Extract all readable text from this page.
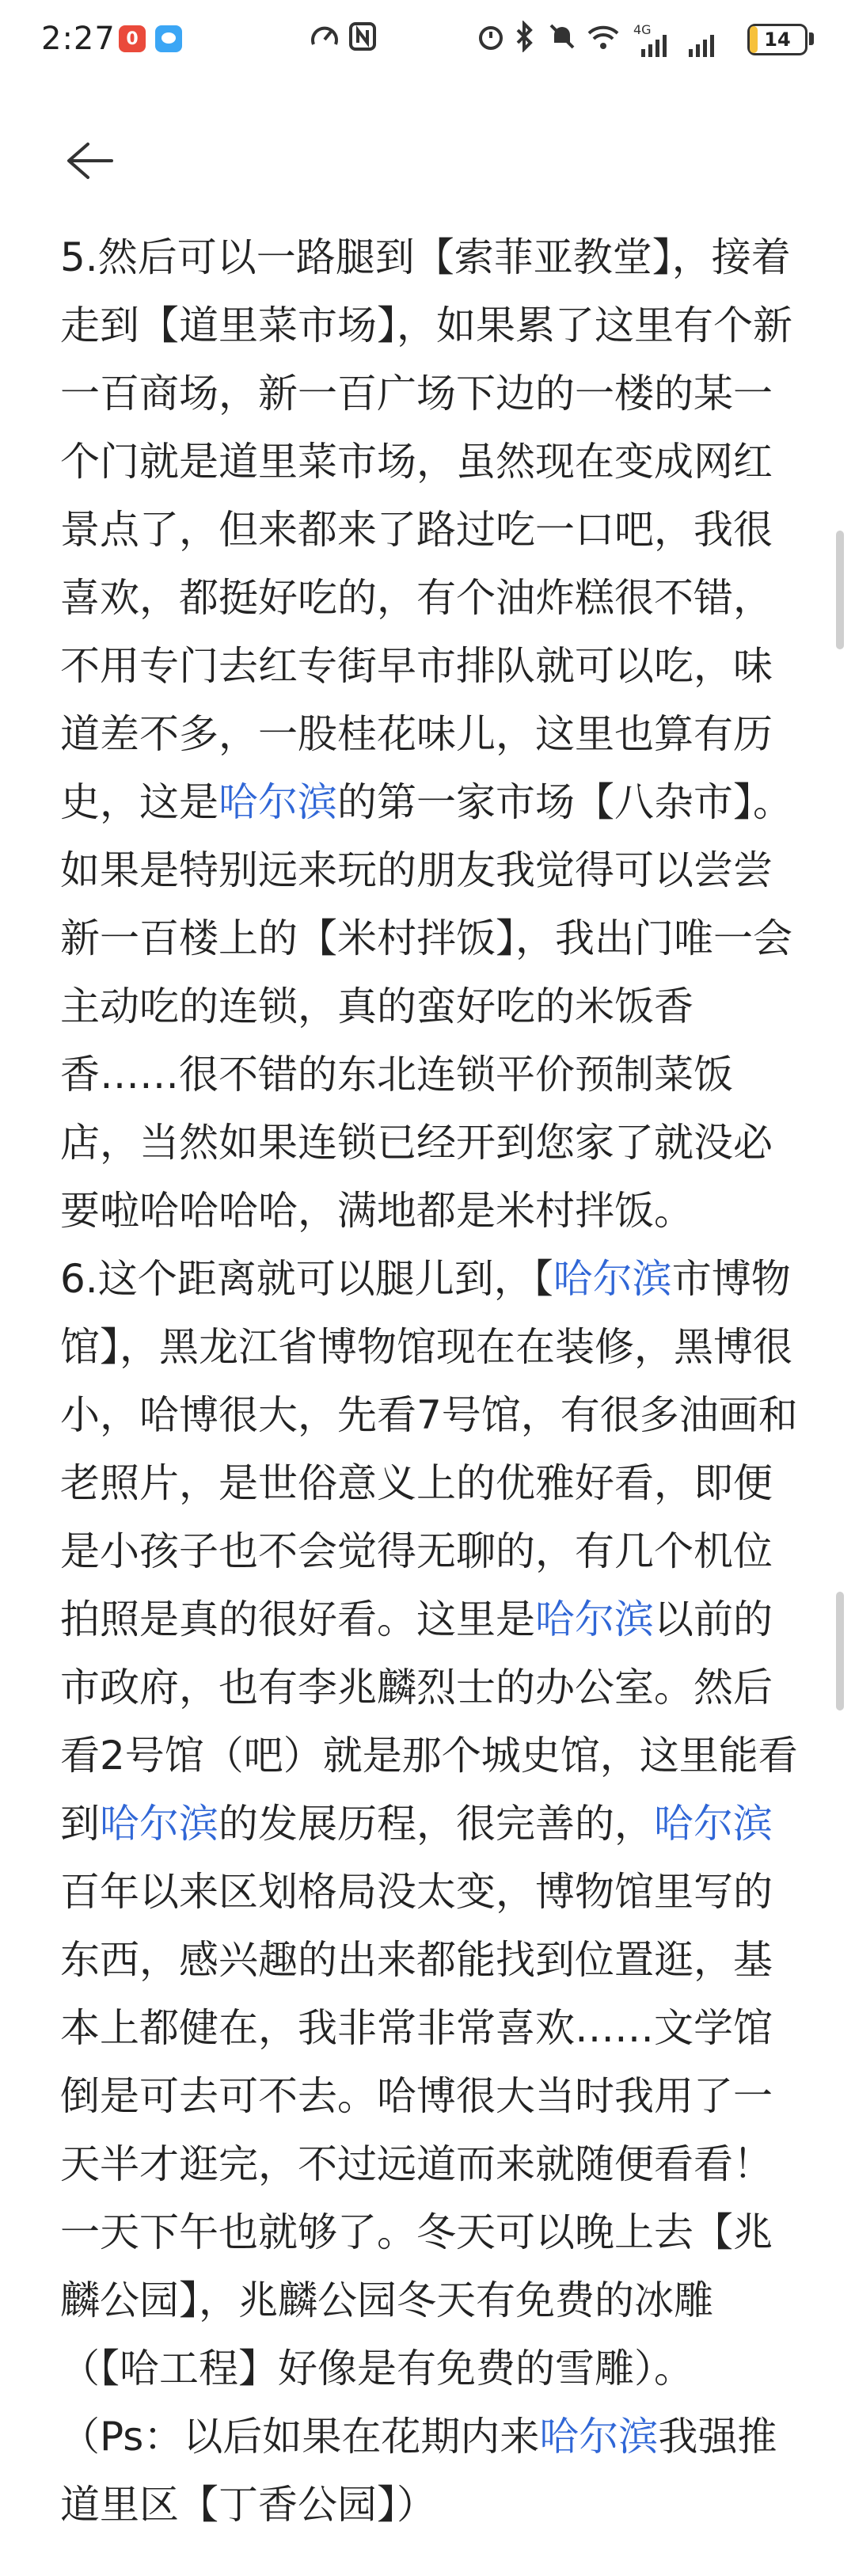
2:27 0	4G	14
5.然后可以一路腿到【索菲亚教堂】，接着走到【道里菜市场】，如果累了这里有个新一百商场，新一百广场下边的一楼的某一个门就是道里菜市场，虽然现在变成网红景点了，但来都来了路过吃一口吧，我很喜欢，都挺好吃的，有个油炸糕很不错，不用专门去红专街早市排队就可以吃，味道差不多，一股桂花味儿，这里也算有历史，这是哈尔滨的第一家市场【八杂市】。如果是特别远来玩的朋友我觉得可以尝尝新一百楼上的【米村拌饭】，我出门唯一会主动吃的连锁，真的蛮好吃的米饭香香……很不错的东北连锁平价预制菜饭店，当然如果连锁已经开到您家了就没必要啦哈哈哈哈，满地都是米村拌饭。
6.这个距离就可以腿儿到，【哈尔滨市博物馆】，黑龙江省博物馆现在在装修，黑博很小，哈博很大，先看7号馆，有很多油画和老照片，是世俗意义上的优雅好看，即便是小孩子也不会觉得无聊的，有几个机位拍照是真的很好看。这里是哈尔滨以前的市政府，也有李兆麟烈士的办公室。然后看2号馆（吧）就是那个城史馆，这里能看到哈尔滨的发展历程，很完善的，哈尔滨百年以来区划格局没太变，博物馆里写的东西，感兴趣的出来都能找到位置逛，基本上都健在，我非常非常喜欢……文学馆倒是可去可不去。哈博很大当时我用了一天半才逛完，不过远道而来就随便看看！一天下午也就够了。冬天可以晚上去【兆麟公园】，兆麟公园冬天有免费的冰雕（【哈工程】好像是有免费的雪雕）。
（Ps：以后如果在花期内来哈尔滨我强推道里区【丁香公园】）
